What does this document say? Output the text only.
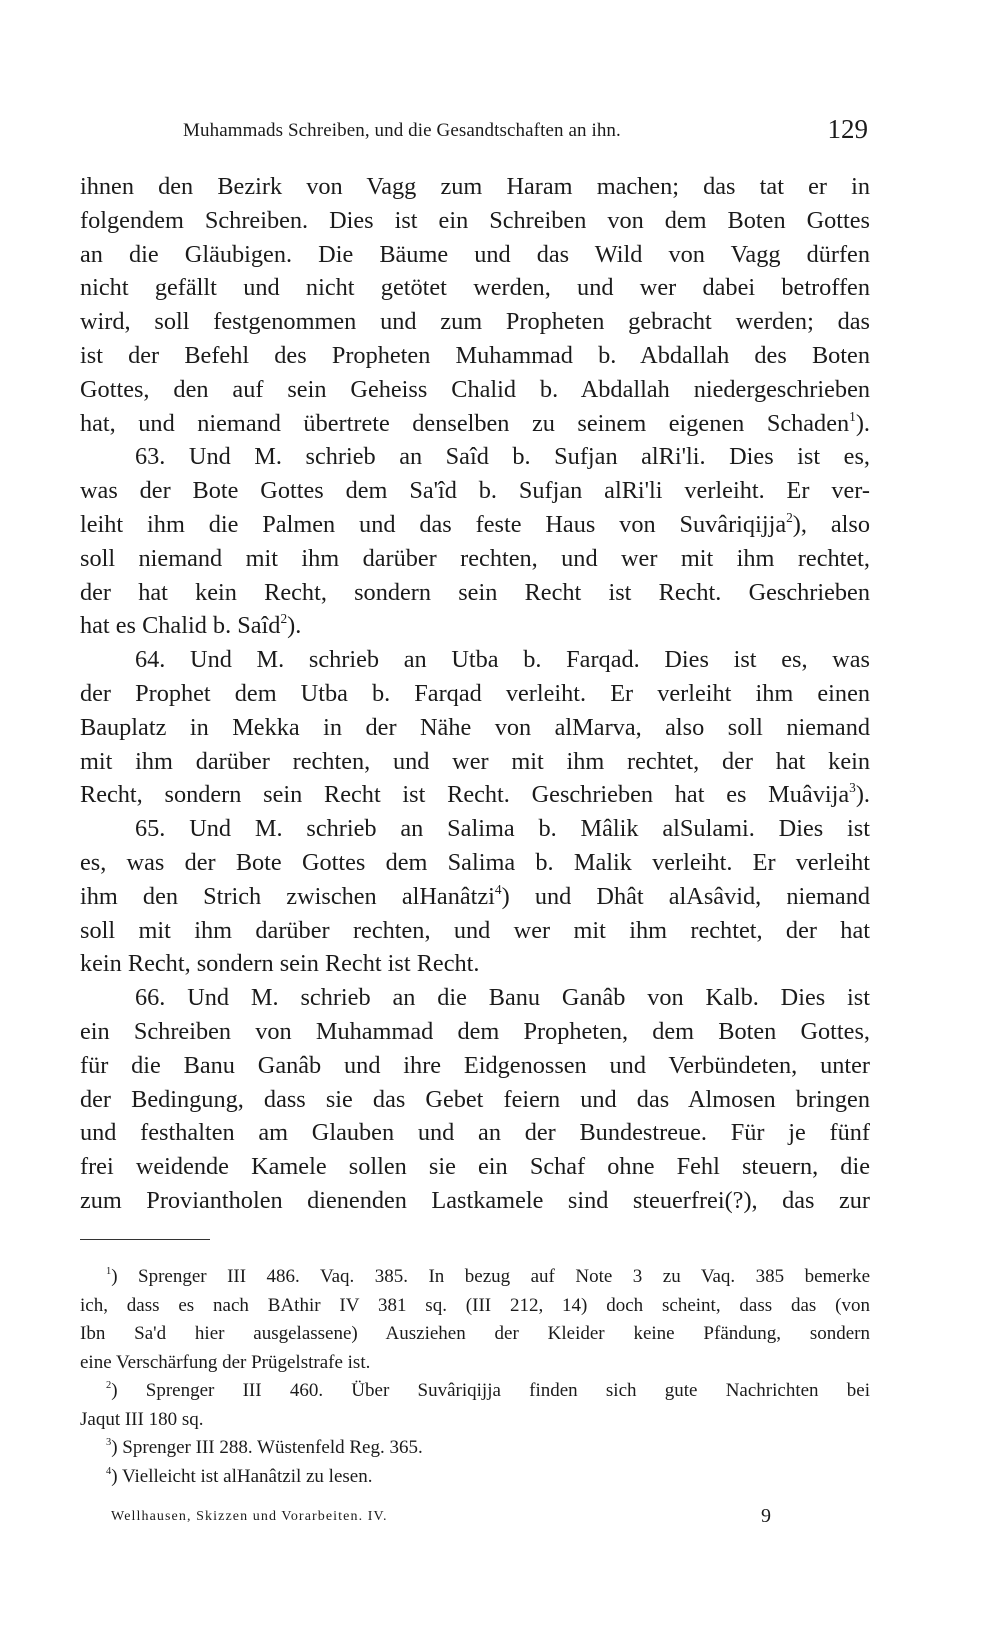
Muhammads Schreiben, und die Gesandtschaften an ihn.	129
ihnen den Bezirk von Vagg zum Haram machen; das tat er in
folgendem Schreiben. Dies ist ein Schreiben von dem Boten Gottes
an die Gläubigen. Die Bäume und das Wild von Vagg dürfen
nicht gefällt und nicht getötet werden, und wer dabei betroffen
wird, soll festgenommen und zum Propheten gebracht werden; das
ist der Befehl des Propheten Muhammad b. Abdallah des Boten
Gottes, den auf sein Geheiss Chalid b. Abdallah niedergeschrieben
hat, und niemand übertrete denselben zu seinem eigenen Schaden$^1$).
63. Und M. schrieb an Saîd b. Sufjan alRi'li. Dies ist es,
was der Bote Gottes dem Sa'îd b. Sufjan alRi'li verleiht. Er ver-
leiht ihm die Palmen und das feste Haus von Suvâriqijja$^2$), also
soll niemand mit ihm darüber rechten, und wer mit ihm rechtet,
der hat kein Recht, sondern sein Recht ist Recht. Geschrieben
hat es Chalid b. Saîd$^2$).
64. Und M. schrieb an Utba b. Farqad. Dies ist es, was
der Prophet dem Utba b. Farqad verleiht. Er verleiht ihm einen
Bauplatz in Mekka in der Nähe von alMarva, also soll niemand
mit ihm darüber rechten, und wer mit ihm rechtet, der hat kein
Recht, sondern sein Recht ist Recht. Geschrieben hat es Muâvija$^3$).
65. Und M. schrieb an Salima b. Mâlik alSulami. Dies ist
es, was der Bote Gottes dem Salima b. Malik verleiht. Er verleiht
ihm den Strich zwischen alHanâtzi$^4$) und Dhât alAsâvid, niemand
soll mit ihm darüber rechten, und wer mit ihm rechtet, der hat
kein Recht, sondern sein Recht ist Recht.
66. Und M. schrieb an die Banu Ganâb von Kalb. Dies ist
ein Schreiben von Muhammad dem Propheten, dem Boten Gottes,
für die Banu Ganâb und ihre Eidgenossen und Verbündeten, unter
der Bedingung, dass sie das Gebet feiern und das Almosen bringen
und festhalten am Glauben und an der Bundestreue. Für je fünf
frei weidende Kamele sollen sie ein Schaf ohne Fehl steuern, die
zum Proviantholen dienenden Lastkamele sind steuerfrei(?), das zur
$^1$) Sprenger III 486. Vaq. 385. In bezug auf Note 3 zu Vaq. 385 bemerke
ich, dass es nach BAthir IV 381 sq. (III 212, 14) doch scheint, dass das (von
Ibn Sa'd hier ausgelassene) Ausziehen der Kleider keine Pfändung, sondern
eine Verschärfung der Prügelstrafe ist.
$^2$) Sprenger III 460. Über Suvâriqijja finden sich gute Nachrichten bei
Jaqut III 180 sq.
$^3$) Sprenger III 288. Wüstenfeld Reg. 365.
$^4$) Vielleicht ist alHanâtzil zu lesen.
Wellhausen, Skizzen und Vorarbeiten. IV.	9
